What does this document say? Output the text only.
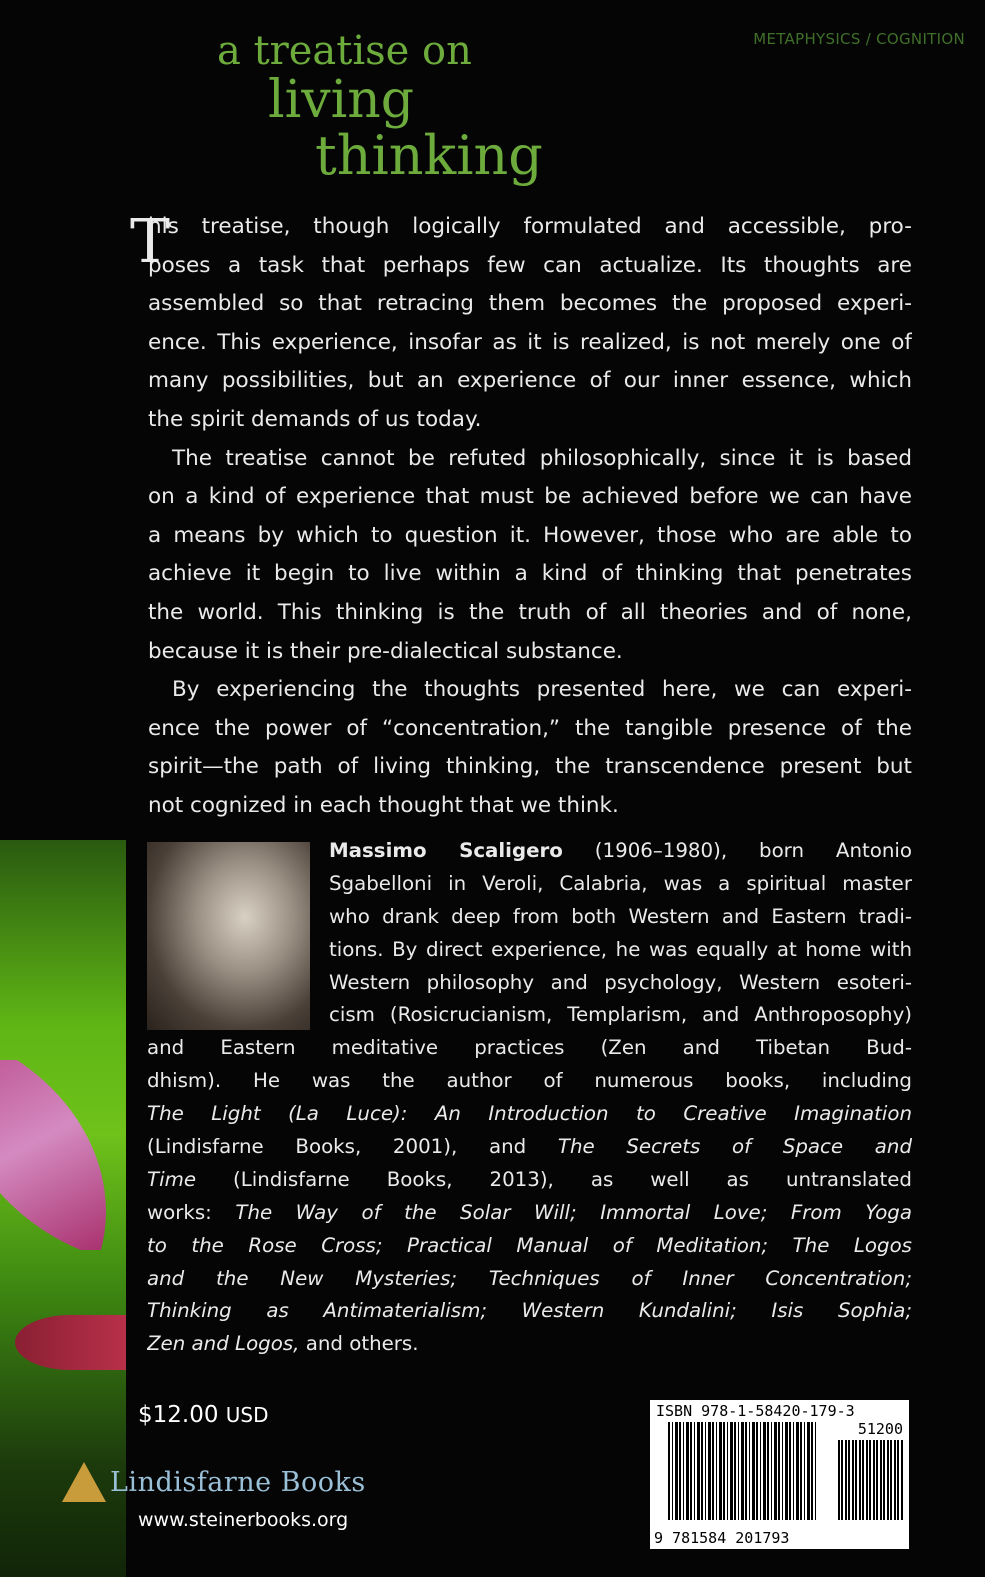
METAPHYSICS / COGNITION
a treatise on
living
thinking
T
his treatise, though logically formulated and accessible, pro-
poses a task that perhaps few can actualize. Its thoughts are
assembled so that retracing them becomes the proposed experi-
ence. This experience, insofar as it is realized, is not merely one of
many possibilities, but an experience of our inner essence, which
the spirit demands of us today.
The treatise cannot be refuted philosophically, since it is based
on a kind of experience that must be achieved before we can have
a means by which to question it. However, those who are able to
achieve it begin to live within a kind of thinking that penetrates
the world. This thinking is the truth of all theories and of none,
because it is their pre-dialectical substance.
By experiencing the thoughts presented here, we can experi-
ence the power of “concentration,” the tangible presence of the
spirit—the path of living thinking, the transcendence present but
not cognized in each thought that we think.
Massimo Scaligero (1906–1980), born Antonio
Sgabelloni in Veroli, Calabria, was a spiritual master
who drank deep from both Western and Eastern tradi-
tions. By direct experience, he was equally at home with
Western philosophy and psychology, Western esoteri-
cism (Rosicrucianism, Templarism, and Anthroposophy)
and Eastern meditative practices (Zen and Tibetan Bud-
dhism). He was the author of numerous books, including
The Light (La Luce): An Introduction to Creative Imagination
(Lindisfarne Books, 2001), and The Secrets of Space and
Time (Lindisfarne Books, 2013), as well as untranslated
works: The Way of the Solar Will; Immortal Love; From Yoga
to the Rose Cross; Practical Manual of Meditation; The Logos
and the New Mysteries; Techniques of Inner Concentration;
Thinking as Antimaterialism; Western Kundalini; Isis Sophia;
Zen and Logos, and others.
$12.00 USD
Lindisfarne Books
www.steinerbooks.org
ISBN 978-1-58420-179-3
51200
9 781584 201793
